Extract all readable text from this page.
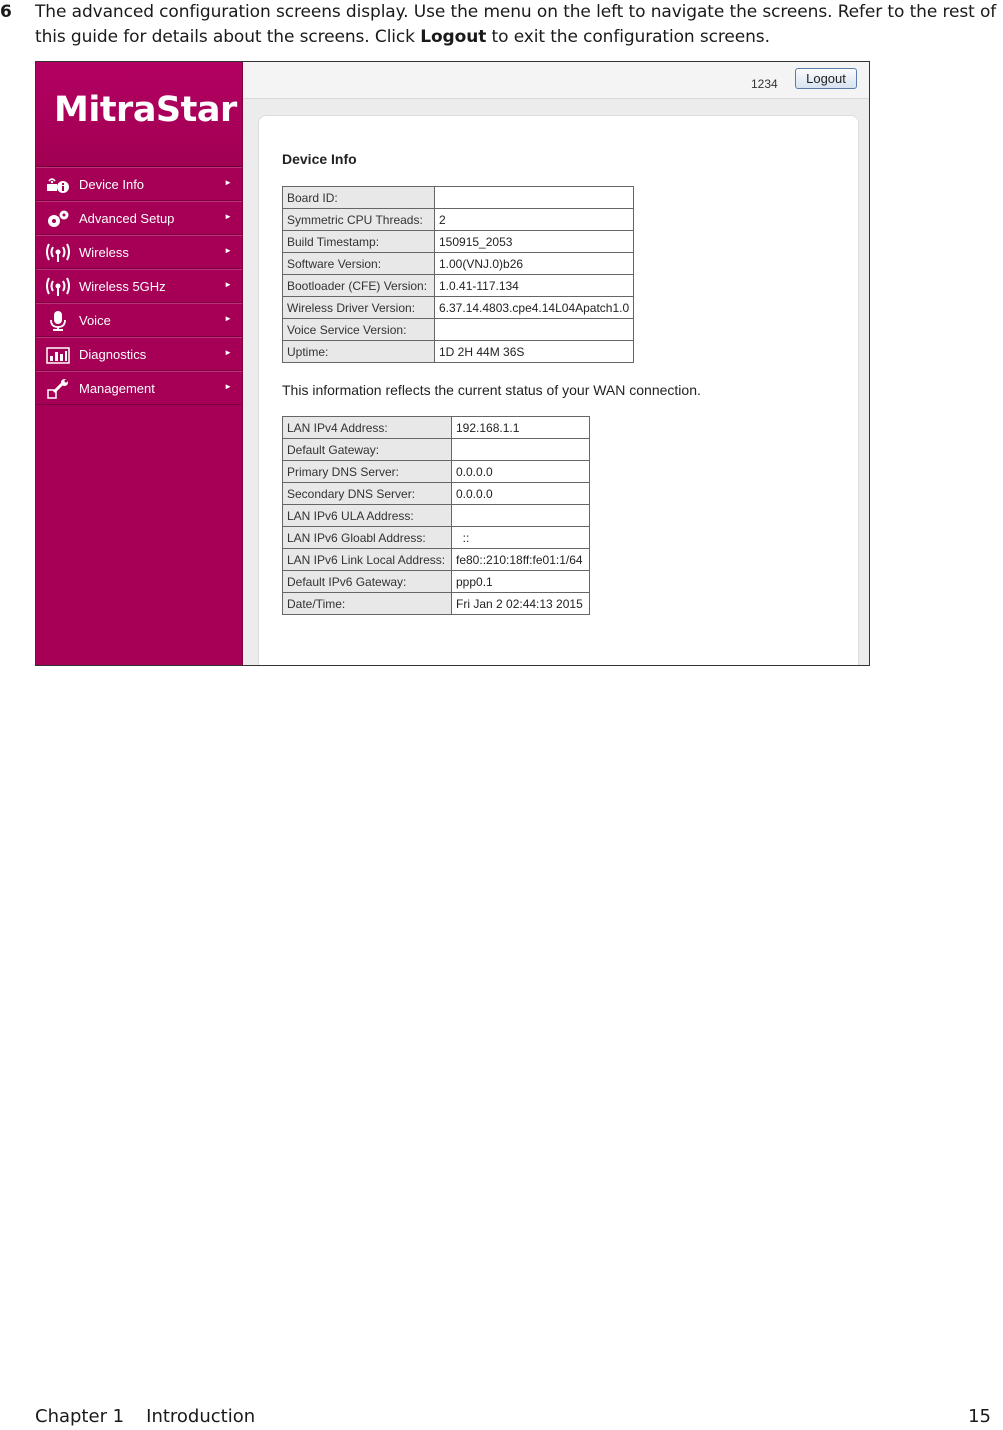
6 The advanced configuration screens display. Use the menu on the left to navigate the screens. Refer to the rest of this guide for details about the screens. Click Logout to exit the configuration screens.
MitraStar
Device Info	►
Advanced Setup	►
Wireless	►
Wireless 5GHz	►
Voice	►
Diagnostics	►
Management	►
1234	Logout
Device Info
Board ID:	
Symmetric CPU Threads:	2
Build Timestamp:	150915_2053
Software Version:	1.00(VNJ.0)b26
Bootloader (CFE) Version:	1.0.41-117.134
Wireless Driver Version:	6.37.14.4803.cpe4.14L04Apatch1.0
Voice Service Version:	
Uptime:	1D 2H 44M 36S
This information reflects the current status of your WAN connection.
LAN IPv4 Address:	192.168.1.1
Default Gateway:	
Primary DNS Server:	0.0.0.0
Secondary DNS Server:	0.0.0.0
LAN IPv6 ULA Address:	
LAN IPv6 Gloabl Address:	::
LAN IPv6 Link Local Address:	fe80::210:18ff:fe01:1/64
Default IPv6 Gateway:	ppp0.1
Date/Time:	Fri Jan 2 02:44:13 2015
Chapter 1 Introduction	15
